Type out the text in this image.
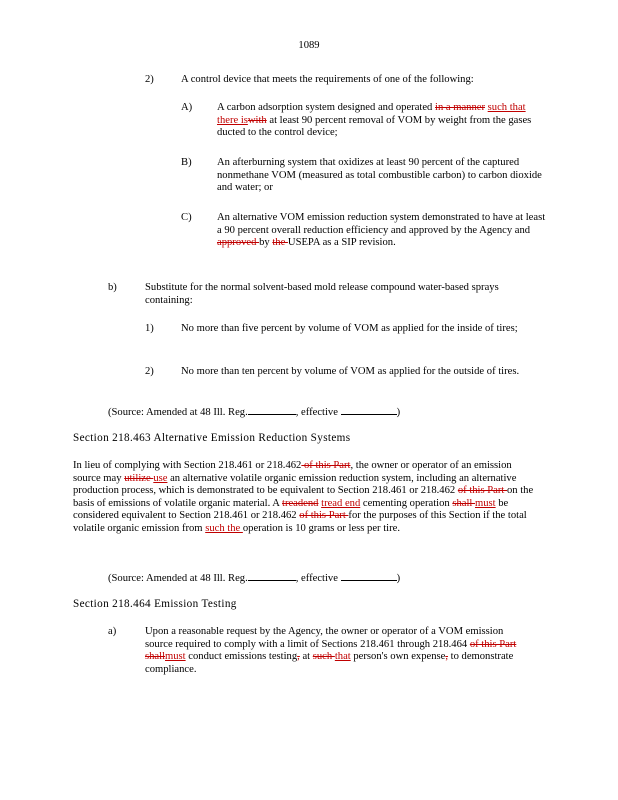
1089
2)	A control device that meets the requirements of one of the following:
A) A carbon adsorption system designed and operated in a manner such that there iswith at least 90 percent removal of VOM by weight from the gases ducted to the control device;
B) An afterburning system that oxidizes at least 90 percent of the captured nonmethane VOM (measured as total combustible carbon) to carbon dioxide and water; or
C) An alternative VOM emission reduction system demonstrated to have at least a 90 percent overall reduction efficiency and approved by the Agency and approved by the USEPA as a SIP revision.
b)	Substitute for the normal solvent-based mold release compound water-based sprays containing:
1)	No more than five percent by volume of VOM as applied for the inside of tires;
2)	No more than ten percent by volume of VOM as applied for the outside of tires.
(Source: Amended at 48 Ill. Reg.	, effective	)
Section 218.463 Alternative Emission Reduction Systems
In lieu of complying with Section 218.461 or 218.462 of this Part, the owner or operator of an emission source may utilize use an alternative volatile organic emission reduction system, including an alternative production process, which is demonstrated to be equivalent to Section 218.461 or 218.462 of this Part on the basis of emissions of volatile organic material. A treadend tread end cementing operation shall must be considered equivalent to Section 218.461 or 218.462 of this Part for the purposes of this Section if the total volatile organic emission from such the operation is 10 grams or less per tire.
(Source: Amended at 48 Ill. Reg.	, effective	)
Section 218.464 Emission Testing
a)	Upon a reasonable request by the Agency, the owner or operator of a VOM emission source required to comply with a limit of Sections 218.461 through 218.464 of this Part shallmust conduct emissions testing, at such that person's own expense, to demonstrate compliance.
